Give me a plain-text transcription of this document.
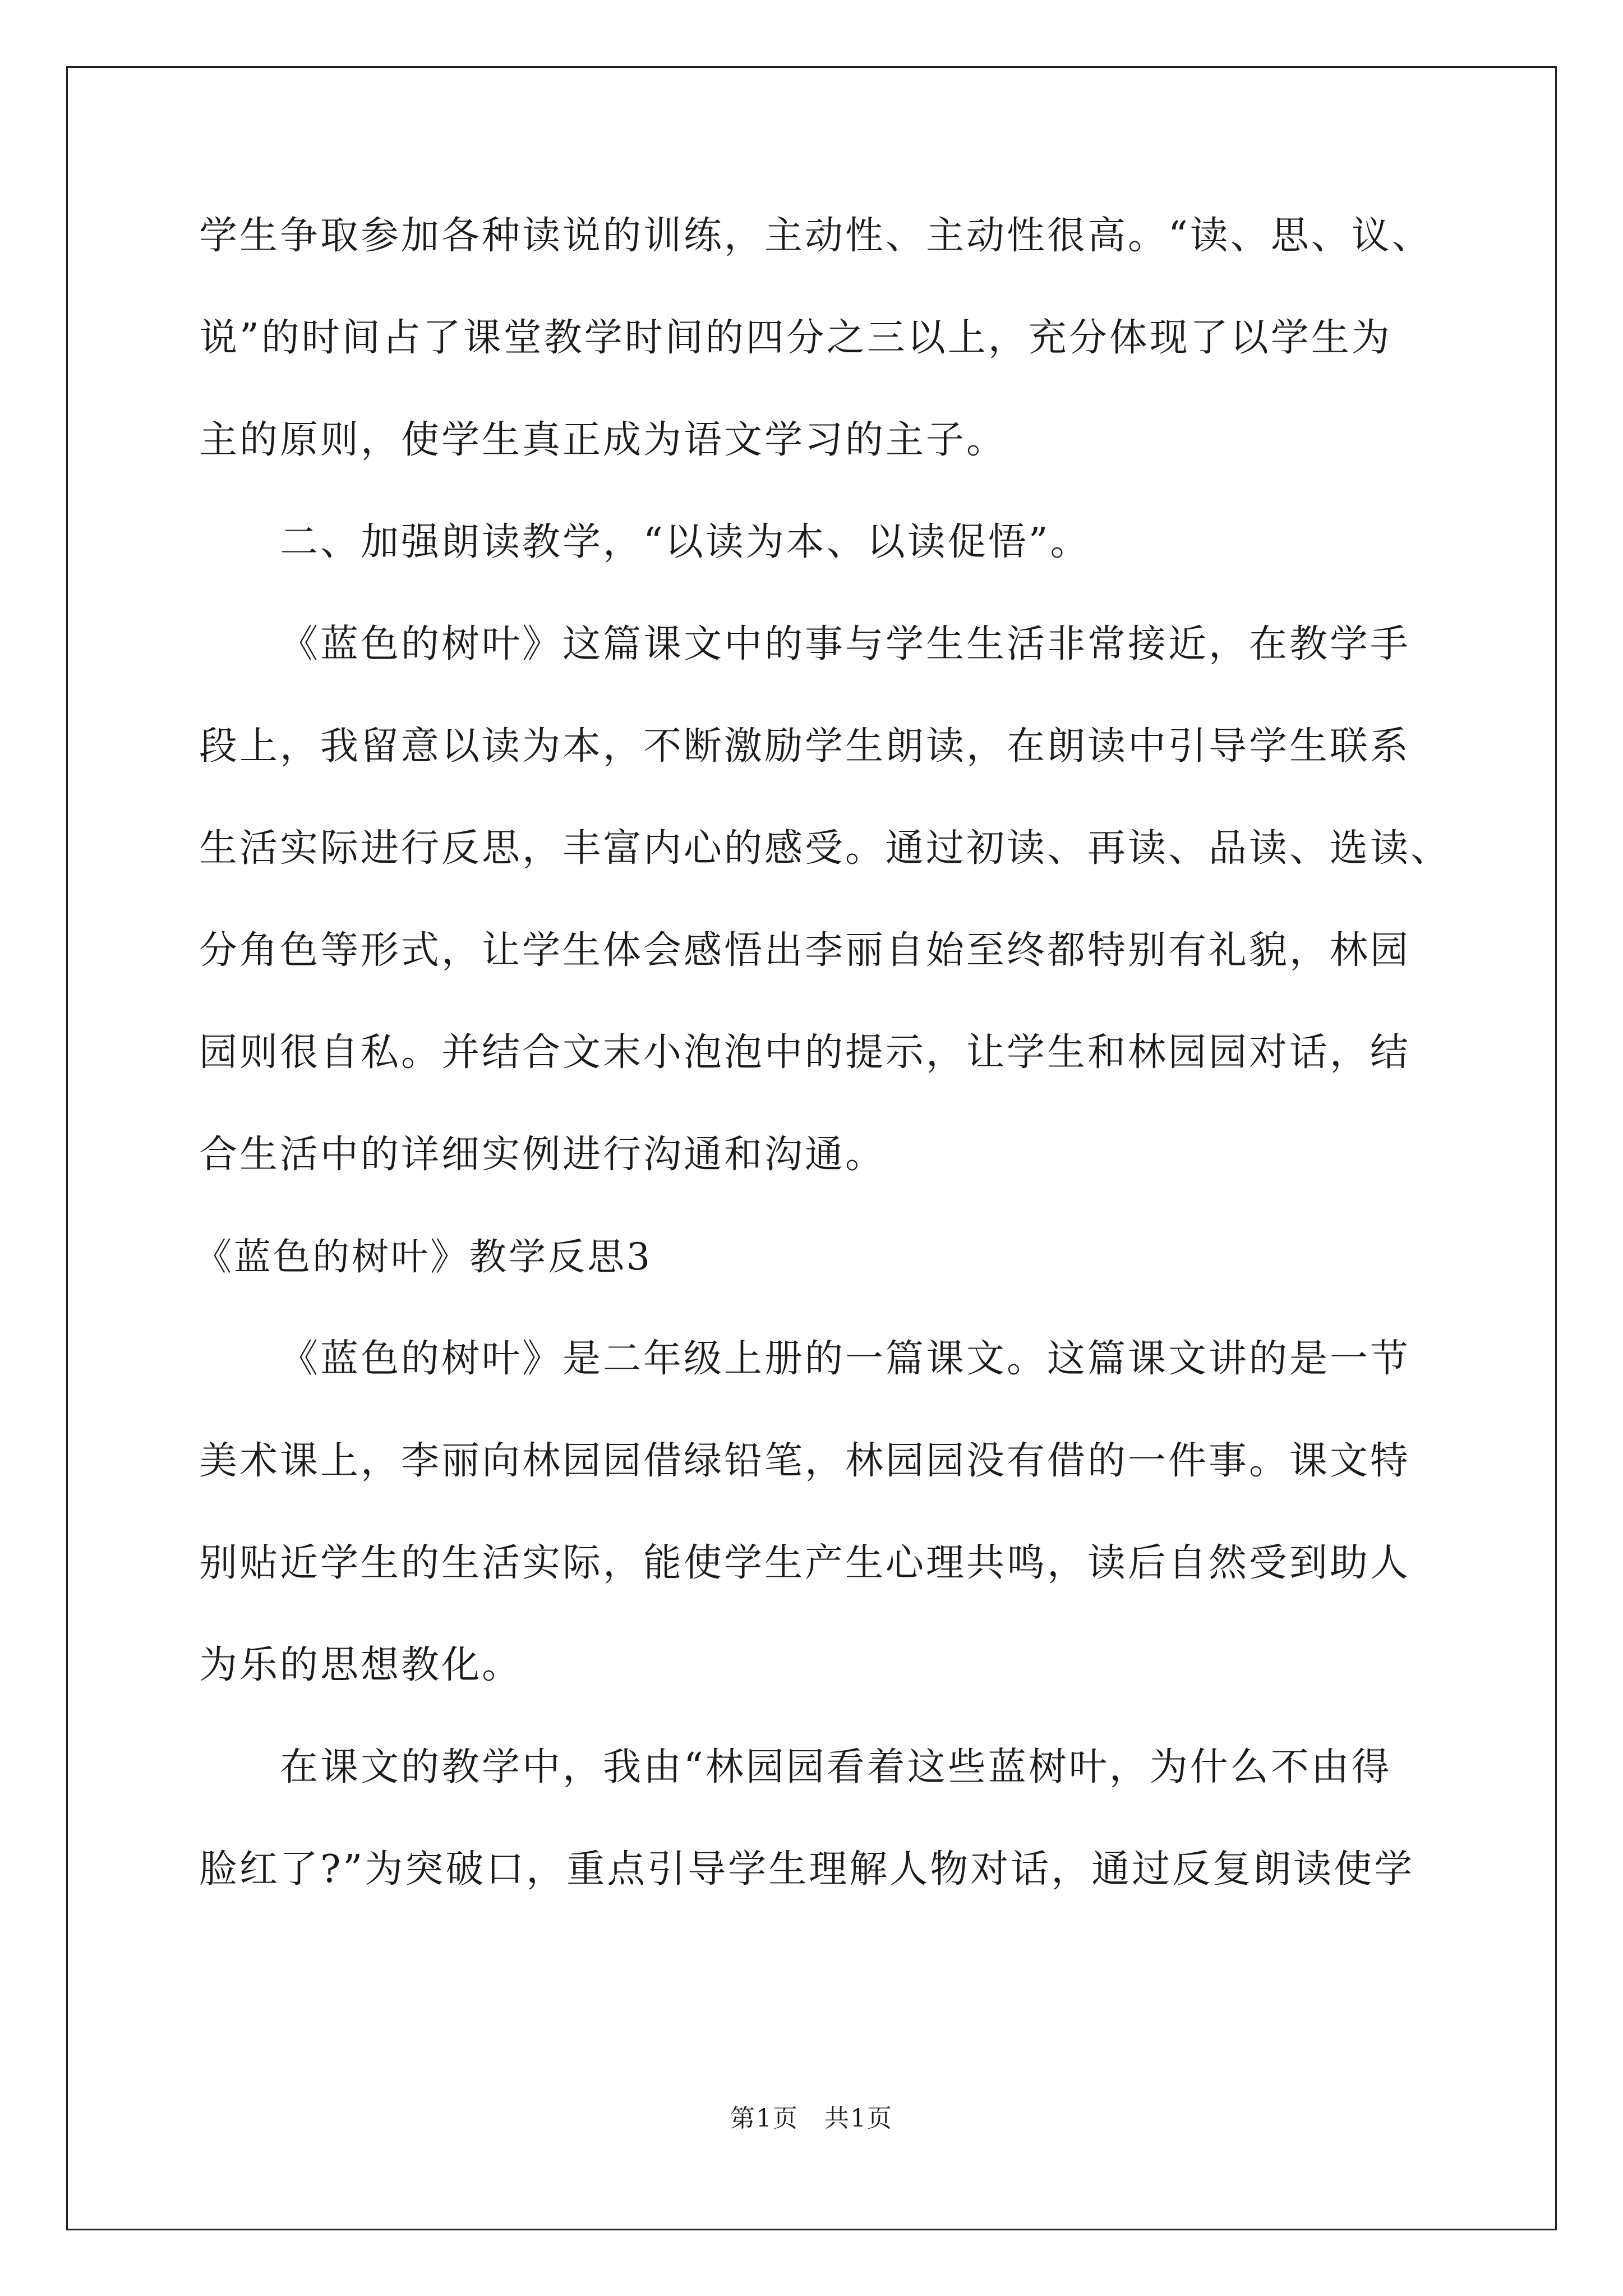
学生争取参加各种读说的训练，主动性、主动性很高。“读、思、议、
说”的时间占了课堂教学时间的四分之三以上，充分体现了以学生为
主的原则，使学生真正成为语文学习的主子。
二、加强朗读教学，“以读为本、以读促悟”。
《蓝色的树叶》这篇课文中的事与学生生活非常接近，在教学手
段上，我留意以读为本，不断激励学生朗读，在朗读中引导学生联系
生活实际进行反思，丰富内心的感受。通过初读、再读、品读、选读、
分角色等形式，让学生体会感悟出李丽自始至终都特别有礼貌，林园
园则很自私。并结合文末小泡泡中的提示，让学生和林园园对话，结
合生活中的详细实例进行沟通和沟通。
《蓝色的树叶》教学反思3
《蓝色的树叶》是二年级上册的一篇课文。这篇课文讲的是一节
美术课上，李丽向林园园借绿铅笔，林园园没有借的一件事。课文特
别贴近学生的生活实际，能使学生产生心理共鸣，读后自然受到助人
为乐的思想教化。
在课文的教学中，我由“林园园看着这些蓝树叶，为什么不由得
脸红了?”为突破口，重点引导学生理解人物对话，通过反复朗读使学
第1页　共1页
